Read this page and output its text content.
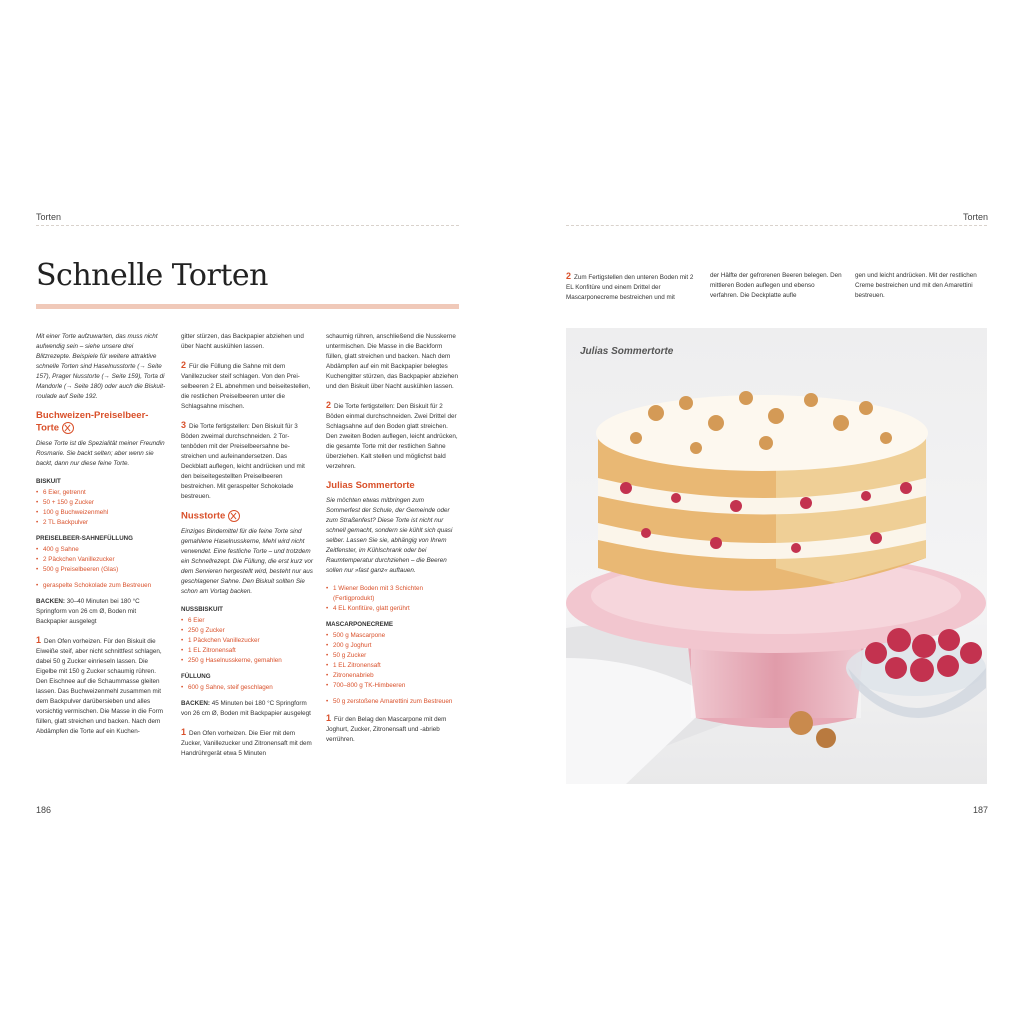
Torten	Torten
Schnelle Torten

Mit einer Torte aufzuwarten, das muss nicht aufwendig sein – siehe unsere drei Blitzrezepte. Beispiele für weitere attraktive schnelle Torten sind Haselnusstorte (→ Seite 157), Prager Nusstorte (→ Seite 159), Torta di Mandorle (→ Seite 180) oder auch die Biskuitroulade auf Seite 192.

Buchweizen-Preiselbeer-Torte

Diese Torte ist die Spezialität meiner Freundin Rosmarie. Sie backt selten; aber wenn sie backt, dann nur diese feine Torte.

BISKUIT
• 6 Eier, getrennt
• 50 + 150 g Zucker
• 100 g Buchweizenmehl
• 2 TL Backpulver
PREISELBEER-SAHNEFÜLLUNG
• 400 g Sahne
• 2 Päckchen Vanillezucker
• 500 g Preiselbeeren (Glas)
• geraspelte Schokolade zum Bestreuen

BACKEN: 30–40 Minuten bei 180 °C Springform von 26 cm Ø, Boden mit Backpapier ausgelegt

1 Den Ofen vorheizen. Für den Biskuit die Eiweiße steif, aber nicht schnittfest schlagen, dabei 50 g Zucker einrieseln lassen. Die Eigelbe mit 150 g Zucker schaumig rühren. Den Eischnee auf die Schaummasse gleiten lassen. Das Buchweizenmehl zusammen mit dem Backpulver darübersieben und alles vorsichtig vermischen. Die Masse in die Form füllen, glatt streichen und backen. Nach dem Abdämpfen die Torte auf ein Kuchen-

gitter stürzen, das Backpapier abziehen und über Nacht auskühlen lassen.

2 Für die Füllung die Sahne mit dem Vanillezucker steif schlagen. Von den Preiselbeeren 2 EL abnehmen und beiseitestellen, die restlichen Preiselbeeren unter die Schlagsahne mischen.

3 Die Torte fertigstellen: Den Biskuit für 3 Böden zweimal durchschneiden. 2 Tortenböden mit der Preiselbeersahne bestreichen und aufeinandersetzen. Das Deckblatt auflegen, leicht andrücken und mit den beiseitegestellten Preiselbeeren bestreichen. Mit geraspelter Schokolade bestreuen.

Nusstorte

Einziges Bindemittel für die feine Torte sind gemahlene Haselnusskerne, Mehl wird nicht verwendet. Eine festliche Torte – und trotzdem ein Schnellrezept. Die Füllung, die erst kurz vor dem Servieren hergestellt wird, besteht nur aus geschlagener Sahne. Den Biskuit sollten Sie schon am Vortag backen.

NUSSBISKUIT
• 6 Eier
• 250 g Zucker
• 1 Päckchen Vanillezucker
• 1 EL Zitronensaft
• 250 g Haselnusskerne, gemahlen
FÜLLUNG
• 600 g Sahne, steif geschlagen

BACKEN: 45 Minuten bei 180 °C Springform von 26 cm Ø, Boden mit Backpapier ausgelegt

1 Den Ofen vorheizen. Die Eier mit dem Zucker, Vanillezucker und Zitronensaft mit dem Handrührgerät etwa 5 Minuten

schaumig rühren, anschließend die Nusskerne untermischen. Die Masse in die Backform füllen, glatt streichen und backen. Nach dem Abdämpfen auf ein mit Backpapier belegtes Kuchengitter stürzen, das Backpapier abziehen und den Biskuit über Nacht auskühlen lassen.

2 Die Torte fertigstellen: Den Biskuit für 2 Böden einmal durchschneiden. Zwei Drittel der Schlagsahne auf den Boden glatt streichen. Den zweiten Boden auflegen, leicht andrücken, die gesamte Torte mit der restlichen Sahne überziehen. Kalt stellen und möglichst bald verzehren.

Julias Sommertorte

Sie möchten etwas mitbringen zum Sommerfest der Schule, der Gemeinde oder zum Straßenfest? Diese Torte ist nicht nur schnell gemacht, sondern sie kühlt sich quasi selber. Lassen Sie sie, abhängig von Ihrem Zeitfenster, im Kühlschrank oder bei Raumtemperatur durchziehen – die Beeren sollen nur »fast ganz« auftauen.

• 1 Wiener Boden mit 3 Schichten (Fertigprodukt)
• 4 EL Konfitüre, glatt gerührt
MASCARPONECREME
• 500 g Mascarpone
• 200 g Joghurt
• 50 g Zucker
• 1 EL Zitronensaft
• Zitronenabrieb
• 700–800 g TK-Himbeeren
• 50 g zerstoßene Amarettini zum Bestreuen

1 Für den Belag den Mascarpone mit dem Joghurt, Zucker, Zitronensaft und -abrieb verrühren.

2 Zum Fertigstellen den unteren Boden mit 2 EL Konfitüre und einem Drittel der Mascarponecreme bestreichen und mit

der Hälfte der gefrorenen Beeren belegen. Den mittleren Boden auflegen und ebenso verfahren. Die Deckplatte aufle

gen und leicht andrücken. Mit der restlichen Creme bestreichen und mit den Amarettini bestreuen.

Julias Sommertorte
186	187
